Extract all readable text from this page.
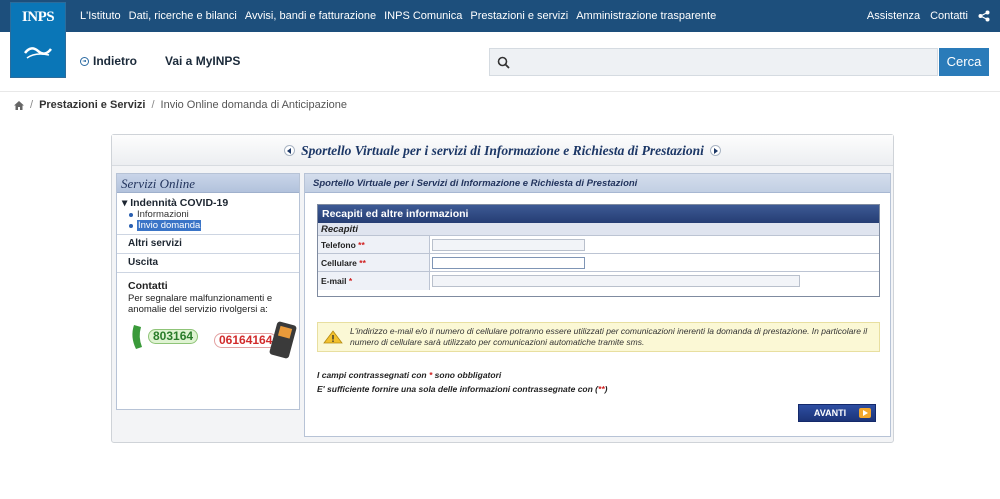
L'Istituto Dati, ricerche e bilanci Avvisi, bandi e fatturazione INPS Comunica Prestazioni e servizi Amministrazione trasparente	Assistenza Contatti
INPS
Indietro Vai a MyINPS	Cerca
/ Prestazioni e Servizi / Invio Online domanda di Anticipazione
Sportello Virtuale per i servizi di Informazione e Richiesta di Prestazioni
Servizi Online
▾ Indennità COVID-19
Informazioni
Invio domanda
Altri servizi
Uscita
Contatti
Per segnalare malfunzionamenti e anomalie del servizio rivolgersi a:
803164	06164164
Sportello Virtuale per i Servizi di Informazione e Richiesta di Prestazioni
Recapiti ed altre informazioni
Recapiti
Telefono **
Cellulare **
E-mail *
L'indirizzo e-mail e/o il numero di cellulare potranno essere utilizzati per comunicazioni inerenti la domanda di prestazione. In particolare il numero di cellulare sarà utilizzato per comunicazioni automatiche tramite sms.
I campi contrassegnati con * sono obbligatori
E' sufficiente fornire una sola delle informazioni contrassegnate con (**)
AVANTI
